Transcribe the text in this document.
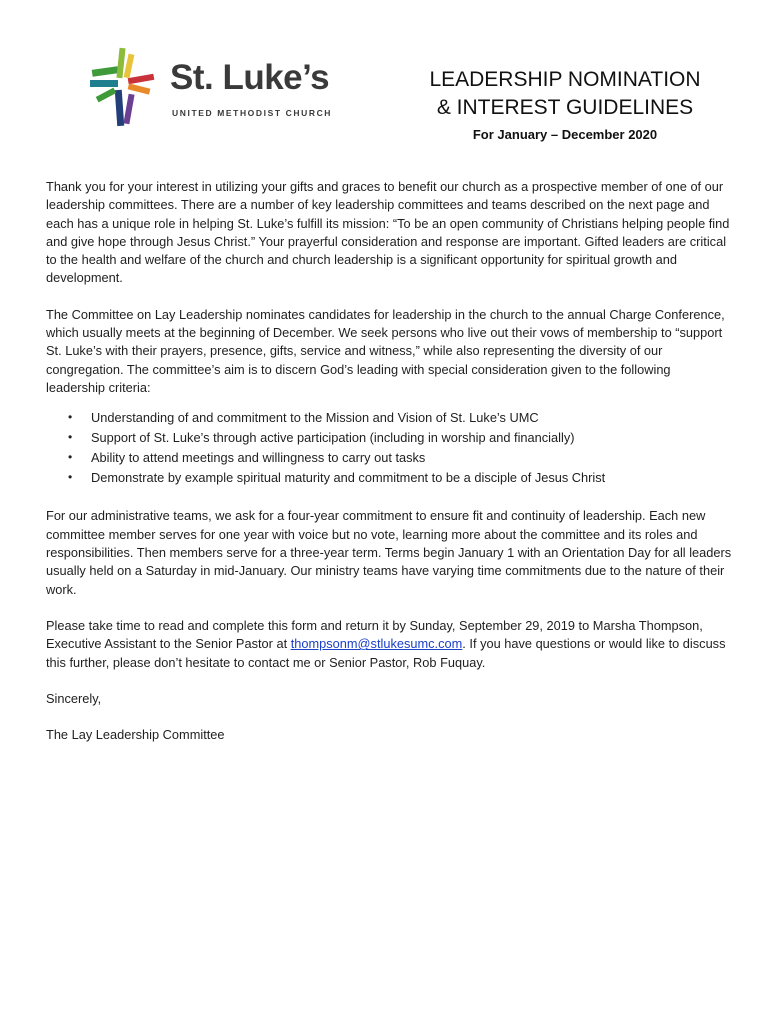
St. Luke’s
UNITED METHODIST CHURCH
LEADERSHIP NOMINATION
& INTEREST GUIDELINES
For January – December 2020

Thank you for your interest in utilizing your gifts and graces to benefit our church as a prospective member of one of our leadership committees. There are a number of key leadership committees and teams described on the next page and each has a unique role in helping St. Luke’s fulfill its mission: “To be an open community of Christians helping people find and give hope through Jesus Christ.” Your prayerful consideration and response are important. Gifted leaders are critical to the health and welfare of the church and church leadership is a significant opportunity for spiritual growth and development.

The Committee on Lay Leadership nominates candidates for leadership in the church to the annual Charge Conference, which usually meets at the beginning of December. We seek persons who live out their vows of membership to “support St. Luke’s with their prayers, presence, gifts, service and witness,” while also representing the diversity of our congregation. The committee’s aim is to discern God’s leading with special consideration given to the following leadership criteria:

• Understanding of and commitment to the Mission and Vision of St. Luke’s UMC
• Support of St. Luke’s through active participation (including in worship and financially)
• Ability to attend meetings and willingness to carry out tasks
• Demonstrate by example spiritual maturity and commitment to be a disciple of Jesus Christ

For our administrative teams, we ask for a four-year commitment to ensure fit and continuity of leadership. Each new committee member serves for one year with voice but no vote, learning more about the committee and its roles and responsibilities. Then members serve for a three-year term. Terms begin January 1 with an Orientation Day for all leaders usually held on a Saturday in mid-January. Our ministry teams have varying time commitments due to the nature of their work.

Please take time to read and complete this form and return it by Sunday, September 29, 2019 to Marsha Thompson, Executive Assistant to the Senior Pastor at thompsonm@stlukesumc.com. If you have questions or would like to discuss this further, please don’t hesitate to contact me or Senior Pastor, Rob Fuquay.

Sincerely,

The Lay Leadership Committee
